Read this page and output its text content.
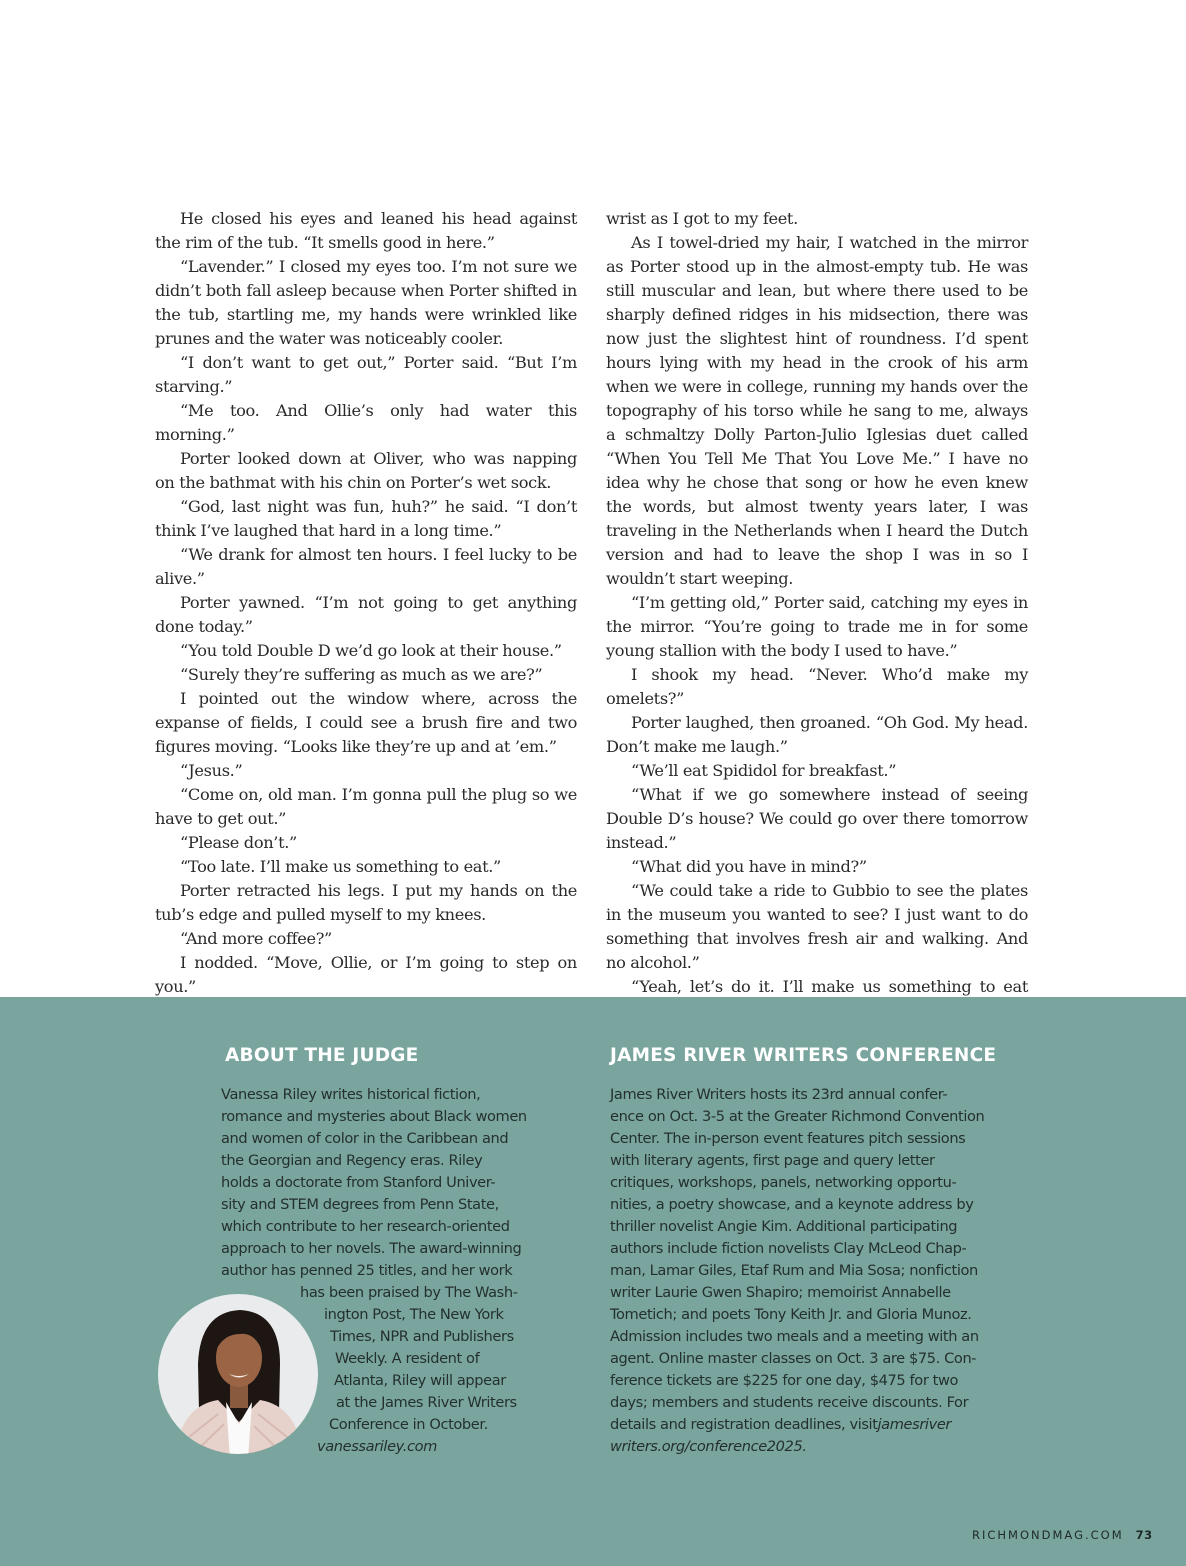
He closed his eyes and leaned his head against the rim of the tub. “It smells good in here.”

“Lavender.” I closed my eyes too. I’m not sure we didn’t both fall asleep because when Porter shifted in the tub, startling me, my hands were wrinkled like prunes and the water was noticeably cooler.

“I don’t want to get out,” Porter said. “But I’m starving.”

“Me too. And Ollie’s only had water this morning.”

Porter looked down at Oliver, who was napping on the bathmat with his chin on Porter’s wet sock.

“God, last night was fun, huh?” he said. “I don’t think I’ve laughed that hard in a long time.”

“We drank for almost ten hours. I feel lucky to be alive.”

Porter yawned. “I’m not going to get anything done today.”

“You told Double D we’d go look at their house.”

“Surely they’re suffering as much as we are?”

I pointed out the window where, across the expanse of fields, I could see a brush fire and two figures moving. “Looks like they’re up and at ’em.”

“Jesus.”

“Come on, old man. I’m gonna pull the plug so we have to get out.”

“Please don’t.”

“Too late. I’ll make us something to eat.”

Porter retracted his legs. I put my hands on the tub’s edge and pulled myself to my knees.

“And more coffee?”

I nodded. “Move, Ollie, or I’m going to step on you.”

wrist as I got to my feet.

As I towel-dried my hair, I watched in the mirror as Porter stood up in the almost-empty tub. He was still muscular and lean, but where there used to be sharply defined ridges in his midsection, there was now just the slightest hint of roundness. I’d spent hours lying with my head in the crook of his arm when we were in college, running my hands over the topography of his torso while he sang to me, always a schmaltzy Dolly Parton-Julio Iglesias duet called “When You Tell Me That You Love Me.” I have no idea why he chose that song or how he even knew the words, but almost twenty years later, I was traveling in the Netherlands when I heard the Dutch version and had to leave the shop I was in so I wouldn’t start weeping.

“I’m getting old,” Porter said, catching my eyes in the mirror. “You’re going to trade me in for some young stallion with the body I used to have.”

I shook my head. “Never. Who’d make my omelets?”

Porter laughed, then groaned. “Oh God. My head. Don’t make me laugh.”

“We’ll eat Spididol for breakfast.”

“What if we go somewhere instead of seeing Double D’s house? We could go over there tomorrow instead.”

“What did you have in mind?”

“We could take a ride to Gubbio to see the plates in the museum you wanted to see? I just want to do something that involves fresh air and walking. And no alcohol.”

“Yeah, let’s do it. I’ll make us something to eat

ABOUT THE JUDGE
Vanessa Riley writes historical fiction,
romance and mysteries about Black women
and women of color in the Caribbean and
the Georgian and Regency eras. Riley
holds a doctorate from Stanford Univer-
sity and STEM degrees from Penn State,
which contribute to her research-oriented
approach to her novels. The award-winning
author has penned 25 titles, and her work
has been praised by The Wash-
ington Post, The New York
Times, NPR and Publishers
Weekly. A resident of
Atlanta, Riley will appear
at the James River Writers
Conference in October.
vanessariley.com
JAMES RIVER WRITERS CONFERENCE
James River Writers hosts its 23rd annual confer-
ence on Oct. 3-5 at the Greater Richmond Convention
Center. The in-person event features pitch sessions
with literary agents, first page and query letter
critiques, workshops, panels, networking opportu-
nities, a poetry showcase, and a keynote address by
thriller novelist Angie Kim. Additional participating
authors include fiction novelists Clay McLeod Chap-
man, Lamar Giles, Etaf Rum and Mia Sosa; nonfiction
writer Laurie Gwen Shapiro; memoirist Annabelle
Tometich; and poets Tony Keith Jr. and Gloria Munoz.
Admission includes two meals and a meeting with an
agent. Online master classes on Oct. 3 are $75. Con-
ference tickets are $225 for one day, $475 for two
days; members and students receive discounts. For
details and registration deadlines, visitjamesriver
writers.org/conference2025.
RICHMONDMAG.COM 73
